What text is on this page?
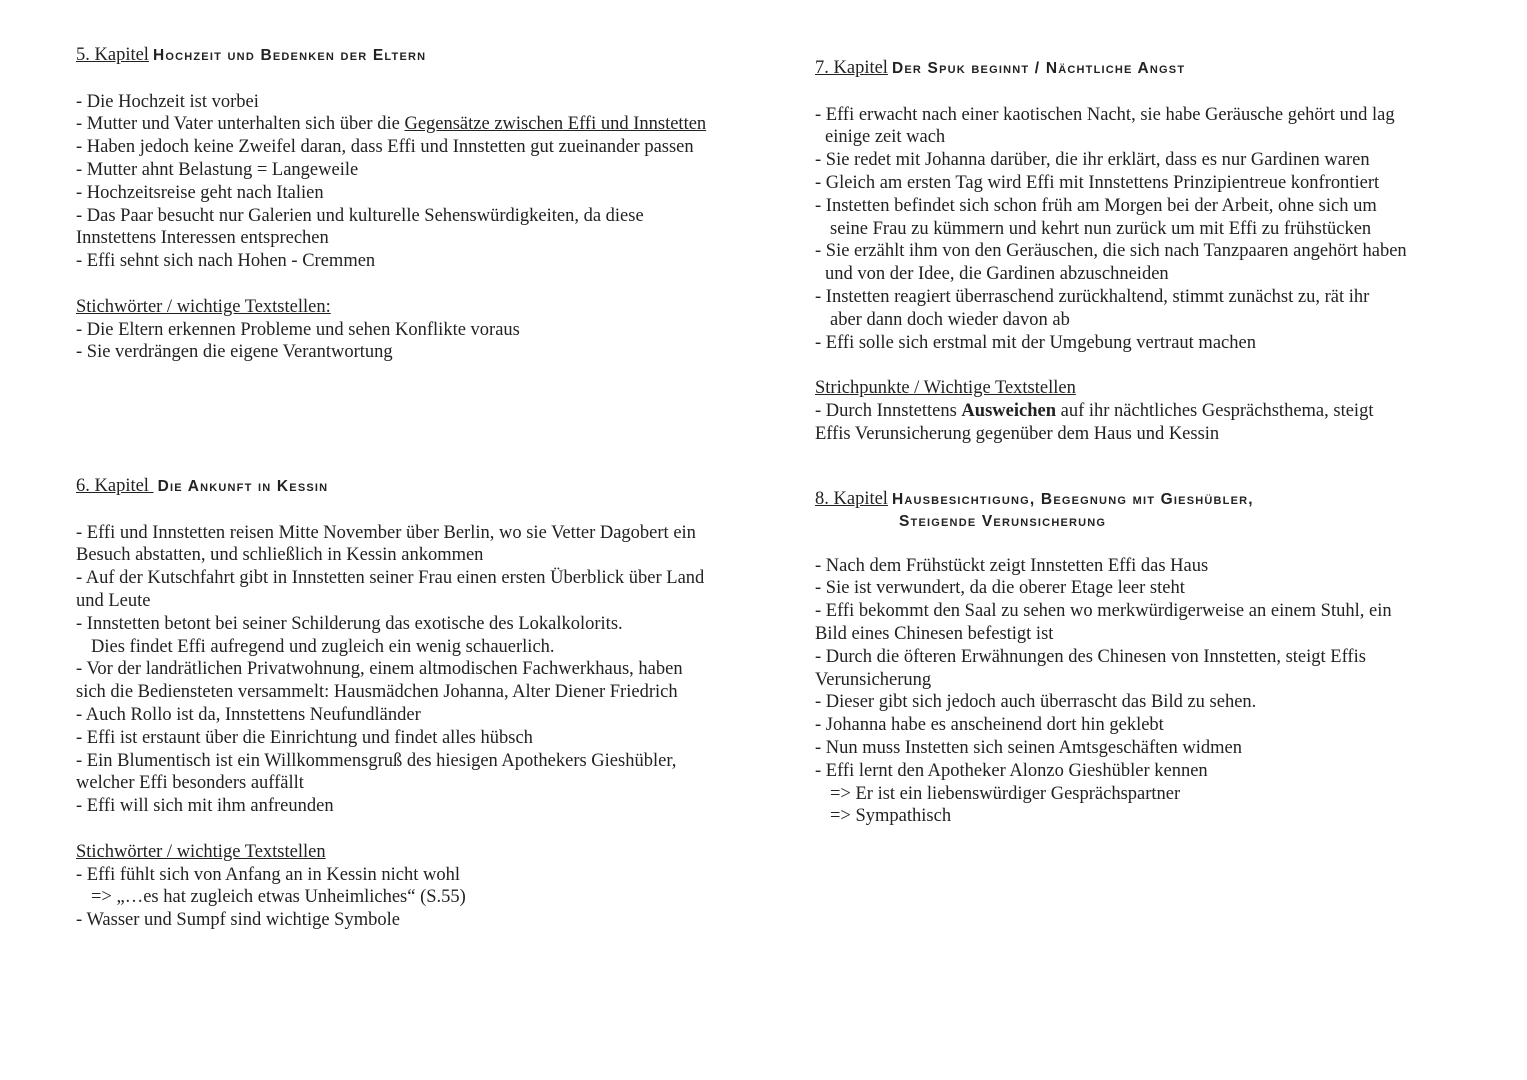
5. Kapitel Hochzeit und Bedenken der Eltern
- Die Hochzeit ist vorbei
- Mutter und Vater unterhalten sich über die Gegensätze zwischen Effi und Innstetten
- Haben jedoch keine Zweifel daran, dass Effi und Innstetten gut zueinander passen
- Mutter ahnt Belastung = Langeweile
- Hochzeitsreise geht nach Italien
- Das Paar besucht nur Galerien und kulturelle Sehenswürdigkeiten, da diese
Innstettens Interessen entsprechen
- Effi sehnt sich nach Hohen - Cremmen
Stichwörter / wichtige Textstellen:
- Die Eltern erkennen Probleme und sehen Konflikte voraus
- Sie verdrängen die eigene Verantwortung
6. Kapitel Die Ankunft in Kessin
- Effi und Innstetten reisen Mitte November über Berlin, wo sie Vetter Dagobert ein
Besuch abstatten, und schließlich in Kessin ankommen
- Auf der Kutschfahrt gibt in Innstetten seiner Frau einen ersten Überblick über Land
und Leute
- Innstetten betont bei seiner Schilderung das exotische des Lokalkolorits.
Dies findet Effi aufregend und zugleich ein wenig schauerlich.
- Vor der landrätlichen Privatwohnung, einem altmodischen Fachwerkhaus, haben
sich die Bediensteten versammelt: Hausmädchen Johanna, Alter Diener Friedrich
- Auch Rollo ist da, Innstettens Neufundländer
- Effi ist erstaunt über die Einrichtung und findet alles hübsch
- Ein Blumentisch ist ein Willkommensgruß des hiesigen Apothekers Gieshübler,
welcher Effi besonders auffällt
- Effi will sich mit ihm anfreunden
Stichwörter / wichtige Textstellen
- Effi fühlt sich von Anfang an in Kessin nicht wohl
=> „…es hat zugleich etwas Unheimliches“ (S.55)
- Wasser und Sumpf sind wichtige Symbole
7. Kapitel Der Spuk beginnt / Nächtliche Angst
- Effi erwacht nach einer kaotischen Nacht, sie habe Geräusche gehört und lag
einige zeit wach
- Sie redet mit Johanna darüber, die ihr erklärt, dass es nur Gardinen waren
- Gleich am ersten Tag wird Effi mit Innstettens Prinzipientreue konfrontiert
- Instetten befindet sich schon früh am Morgen bei der Arbeit, ohne sich um
seine Frau zu kümmern und kehrt nun zurück um mit Effi zu frühstücken
- Sie erzählt ihm von den Geräuschen, die sich nach Tanzpaaren angehört haben
und von der Idee, die Gardinen abzuschneiden
- Instetten reagiert überraschend zurückhaltend, stimmt zunächst zu, rät ihr
aber dann doch wieder davon ab
- Effi solle sich erstmal mit der Umgebung vertraut machen
Strichpunkte / Wichtige Textstellen
- Durch Innstettens Ausweichen auf ihr nächtliches Gesprächsthema, steigt
Effis Verunsicherung gegenüber dem Haus und Kessin
8. Kapitel Hausbesichtigung, Begegnung mit Gieshübler,
Steigende Verunsicherung
- Nach dem Frühstückt zeigt Innstetten Effi das Haus
- Sie ist verwundert, da die oberer Etage leer steht
- Effi bekommt den Saal zu sehen wo merkwürdigerweise an einem Stuhl, ein
Bild eines Chinesen befestigt ist
- Durch die öfteren Erwähnungen des Chinesen von Innstetten, steigt Effis
Verunsicherung
- Dieser gibt sich jedoch auch überrascht das Bild zu sehen.
- Johanna habe es anscheinend dort hin geklebt
- Nun muss Instetten sich seinen Amtsgeschäften widmen
- Effi lernt den Apotheker Alonzo Gieshübler kennen
=> Er ist ein liebenswürdiger Gesprächspartner
=> Sympathisch
